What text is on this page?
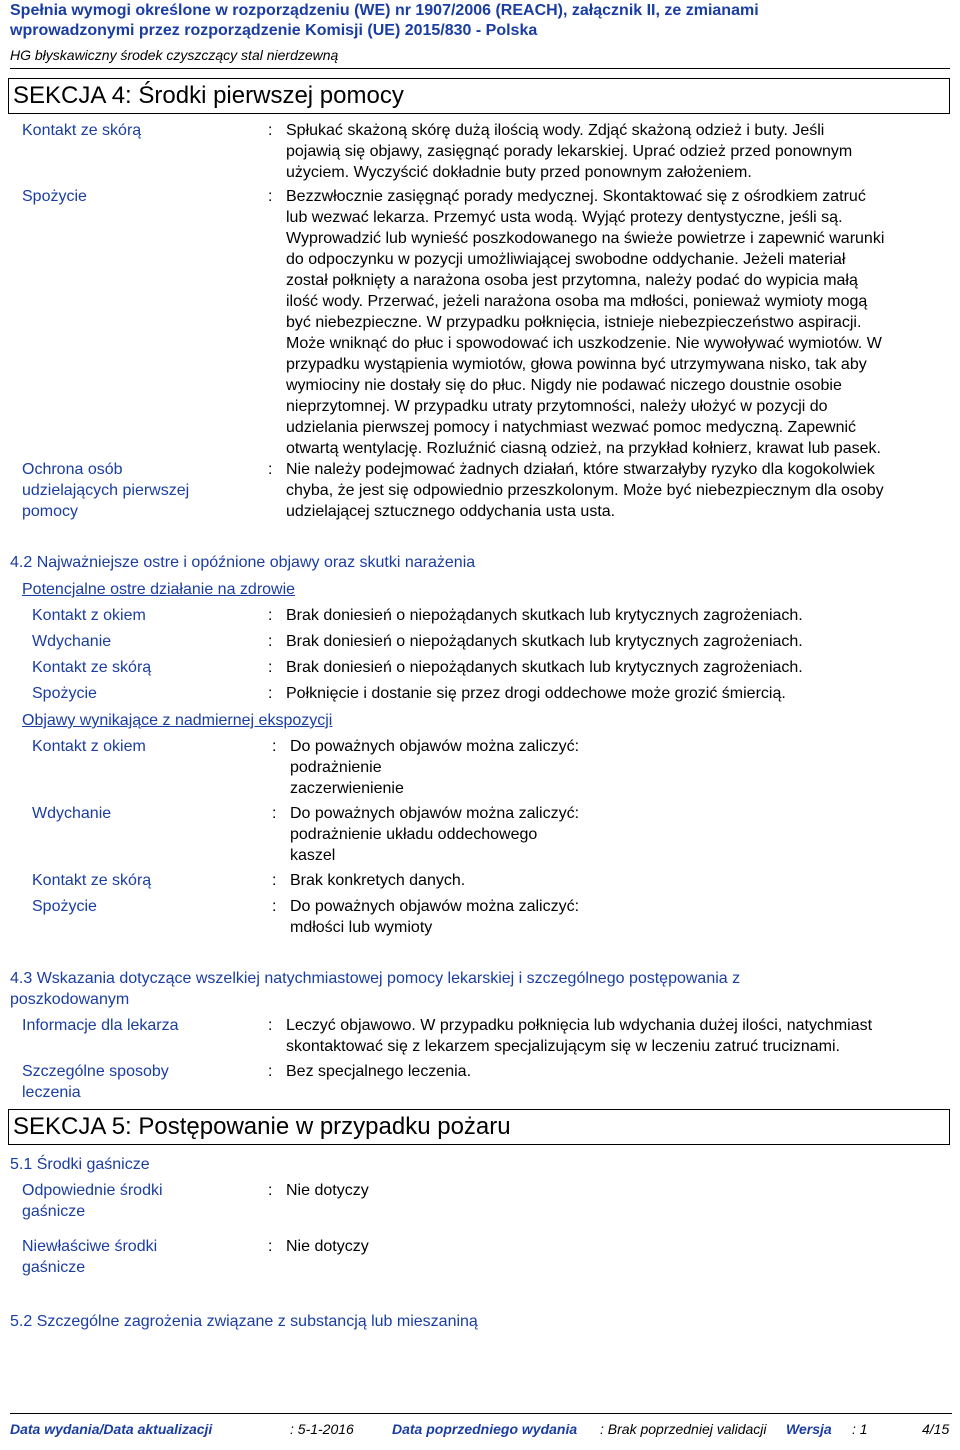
Spełnia wymogi określone w rozporządzeniu (WE) nr 1907/2006 (REACH), załącznik II, ze zmianami
wprowadzonymi przez rozporządzenie Komisji (UE) 2015/830 - Polska
HG błyskawiczny środek czyszczący stal nierdzewną
SEKCJA 4: Środki pierwszej pomocy
Kontakt ze skórą	: Spłukać skażoną skórę dużą ilością wody. Zdjąć skażoną odzież i buty. Jeśli
pojawią się objawy, zasięgnąć porady lekarskiej. Uprać odzież przed ponownym
użyciem. Wyczyścić dokładnie buty przed ponownym założeniem.
Spożycie	: Bezzwłocznie zasięgnąć porady medycznej. Skontaktować się z ośrodkiem zatruć
lub wezwać lekarza. Przemyć usta wodą. Wyjąć protezy dentystyczne, jeśli są.
Wyprowadzić lub wynieść poszkodowanego na świeże powietrze i zapewnić warunki
do odpoczynku w pozycji umożliwiającej swobodne oddychanie. Jeżeli materiał
został połknięty a narażona osoba jest przytomna, należy podać do wypicia małą
ilość wody. Przerwać, jeżeli narażona osoba ma mdłości, ponieważ wymioty mogą
być niebezpieczne. W przypadku połknięcia, istnieje niebezpieczeństwo aspiracji.
Może wniknąć do płuc i spowodować ich uszkodzenie. Nie wywoływać wymiotów. W
przypadku wystąpienia wymiotów, głowa powinna być utrzymywana nisko, tak aby
wymiociny nie dostały się do płuc. Nigdy nie podawać niczego doustnie osobie
nieprzytomnej. W przypadku utraty przytomności, należy ułożyć w pozycji do
udzielania pierwszej pomocy i natychmiast wezwać pomoc medyczną. Zapewnić
otwartą wentylację. Rozluźnić ciasną odzież, na przykład kołnierz, krawat lub pasek.
Ochrona osób
udzielających pierwszej
pomocy
: Nie należy podejmować żadnych działań, które stwarzałyby ryzyko dla kogokolwiek
chyba, że jest się odpowiednio przeszkolonym. Może być niebezpiecznym dla osoby
udzielającej sztucznego oddychania usta usta.
4.2 Najważniejsze ostre i opóźnione objawy oraz skutki narażenia
Potencjalne ostre działanie na zdrowie
Kontakt z okiem	: Brak doniesień o niepożądanych skutkach lub krytycznych zagrożeniach.
Wdychanie	: Brak doniesień o niepożądanych skutkach lub krytycznych zagrożeniach.
Kontakt ze skórą	: Brak doniesień o niepożądanych skutkach lub krytycznych zagrożeniach.
Spożycie	: Połknięcie i dostanie się przez drogi oddechowe może grozić śmiercią.
Objawy wynikające z nadmiernej ekspozycji
Kontakt z okiem	: Do poważnych objawów można zaliczyć:
podrażnienie
zaczerwienienie
Wdychanie	: Do poważnych objawów można zaliczyć:
podrażnienie układu oddechowego
kaszel
Kontakt ze skórą	: Brak konkretych danych.
Spożycie	: Do poważnych objawów można zaliczyć:
mdłości lub wymioty
4.3 Wskazania dotyczące wszelkiej natychmiastowej pomocy lekarskiej i szczególnego postępowania z
poszkodowanym
Informacje dla lekarza	: Leczyć objawowo. W przypadku połknięcia lub wdychania dużej ilości, natychmiast
skontaktować się z lekarzem specjalizującym się w leczeniu zatruć truciznami.
Szczególne sposoby
leczenia
: Bez specjalnego leczenia.
SEKCJA 5: Postępowanie w przypadku pożaru
5.1 Środki gaśnicze
Odpowiednie środki
gaśnicze
: Nie dotyczy
Niewłaściwe środki
gaśnicze
: Nie dotyczy
5.2 Szczególne zagrożenia związane z substancją lub mieszaniną
Data wydania/Data aktualizacji	: 5-1-2016	Data poprzedniego wydania : Brak poprzedniej validacji Wersja : 1	4/15
